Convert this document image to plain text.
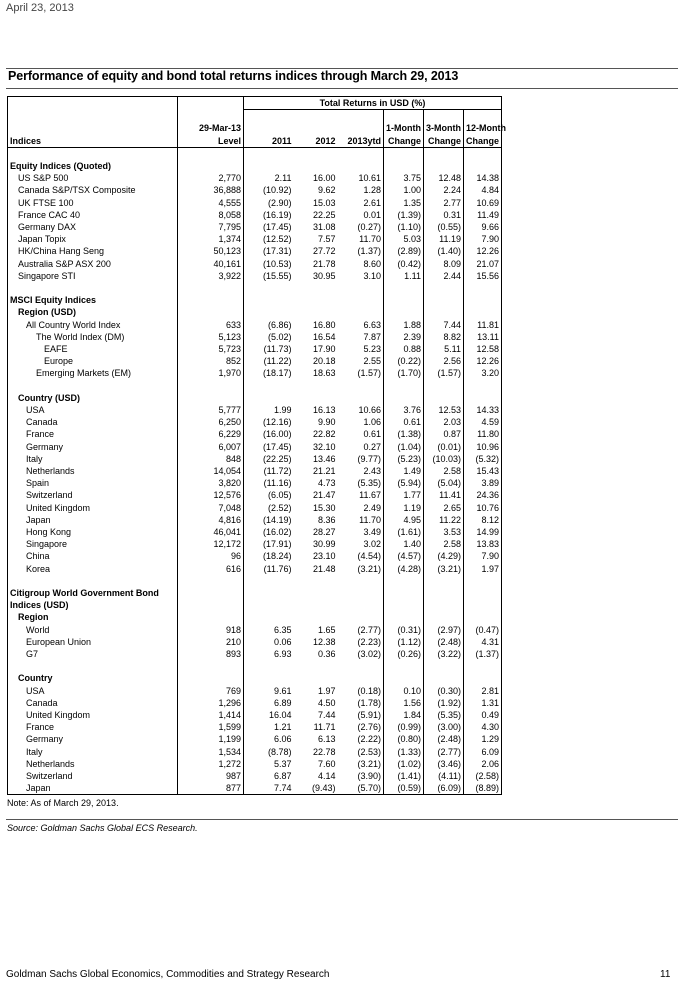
April 23, 2013
Performance of equity and bond total returns indices through March 29, 2013
		Total Returns in USD (%)					

	29-Mar-13				1-Month	3-Month	12-Month
Indices	Level	2011	2012	2013ytd	Change	Change	Change

Equity Indices (Quoted)							
US S&P 500	2,770	2.11	16.00	10.61	3.75	12.48	14.38
Canada S&P/TSX Composite	36,888	(10.92)	9.62	1.28	1.00	2.24	4.84
UK FTSE 100	4,555	(2.90)	15.03	2.61	1.35	2.77	10.69
France CAC 40	8,058	(16.19)	22.25	0.01	(1.39)	0.31	11.49
Germany DAX	7,795	(17.45)	31.08	(0.27)	(1.10)	(0.55)	9.66
Japan Topix	1,374	(12.52)	7.57	11.70	5.03	11.19	7.90
HK/China Hang Seng	50,123	(17.31)	27.72	(1.37)	(2.89)	(1.40)	12.26
Australia S&P ASX 200	40,161	(10.53)	21.78	8.60	(0.42)	8.09	21.07
Singapore STI	3,922	(15.55)	30.95	3.10	1.11	2.44	15.56

MSCI Equity Indices							
Region (USD)							
All Country World Index	633	(6.86)	16.80	6.63	1.88	7.44	11.81
The World Index (DM)	5,123	(5.02)	16.54	7.87	2.39	8.82	13.11
EAFE	5,723	(11.73)	17.90	5.23	0.88	5.11	12.58
Europe	852	(11.22)	20.18	2.55	(0.22)	2.56	12.26
Emerging Markets (EM)	1,970	(18.17)	18.63	(1.57)	(1.70)	(1.57)	3.20

Country (USD)							
USA	5,777	1.99	16.13	10.66	3.76	12.53	14.33
Canada	6,250	(12.16)	9.90	1.06	0.61	2.03	4.59
France	6,229	(16.00)	22.82	0.61	(1.38)	0.87	11.80
Germany	6,007	(17.45)	32.10	0.27	(1.04)	(0.01)	10.96
Italy	848	(22.25)	13.46	(9.77)	(5.23)	(10.03)	(5.32)
Netherlands	14,054	(11.72)	21.21	2.43	1.49	2.58	15.43
Spain	3,820	(11.16)	4.73	(5.35)	(5.94)	(5.04)	3.89
Switzerland	12,576	(6.05)	21.47	11.67	1.77	11.41	24.36
United Kingdom	7,048	(2.52)	15.30	2.49	1.19	2.65	10.76
Japan	4,816	(14.19)	8.36	11.70	4.95	11.22	8.12
Hong Kong	46,041	(16.02)	28.27	3.49	(1.61)	3.53	14.99
Singapore	12,172	(17.91)	30.99	3.02	1.40	2.58	13.83
China	96	(18.24)	23.10	(4.54)	(4.57)	(4.29)	7.90
Korea	616	(11.76)	21.48	(3.21)	(4.28)	(3.21)	1.97

Citigroup World Government Bond							
Indices (USD)							
Region							
World	918	6.35	1.65	(2.77)	(0.31)	(2.97)	(0.47)
European Union	210	0.06	12.38	(2.23)	(1.12)	(2.48)	4.31
G7	893	6.93	0.36	(3.02)	(0.26)	(3.22)	(1.37)

Country							
USA	769	9.61	1.97	(0.18)	0.10	(0.30)	2.81
Canada	1,296	6.89	4.50	(1.78)	1.56	(1.92)	1.31
United Kingdom	1,414	16.04	7.44	(5.91)	1.84	(5.35)	0.49
France	1,599	1.21	11.71	(2.76)	(0.99)	(3.00)	4.30
Germany	1,199	6.06	6.13	(2.22)	(0.80)	(2.48)	1.29
Italy	1,534	(8.78)	22.78	(2.53)	(1.33)	(2.77)	6.09
Netherlands	1,272	5.37	7.60	(3.21)	(1.02)	(3.46)	2.06
Switzerland	987	6.87	4.14	(3.90)	(1.41)	(4.11)	(2.58)
Japan	877	7.74	(9.43)	(5.70)	(0.59)	(6.09)	(8.89)
Note: As of March 29, 2013.
Source: Goldman Sachs Global ECS Research.
Goldman Sachs Global Economics, Commodities and Strategy Research	11
